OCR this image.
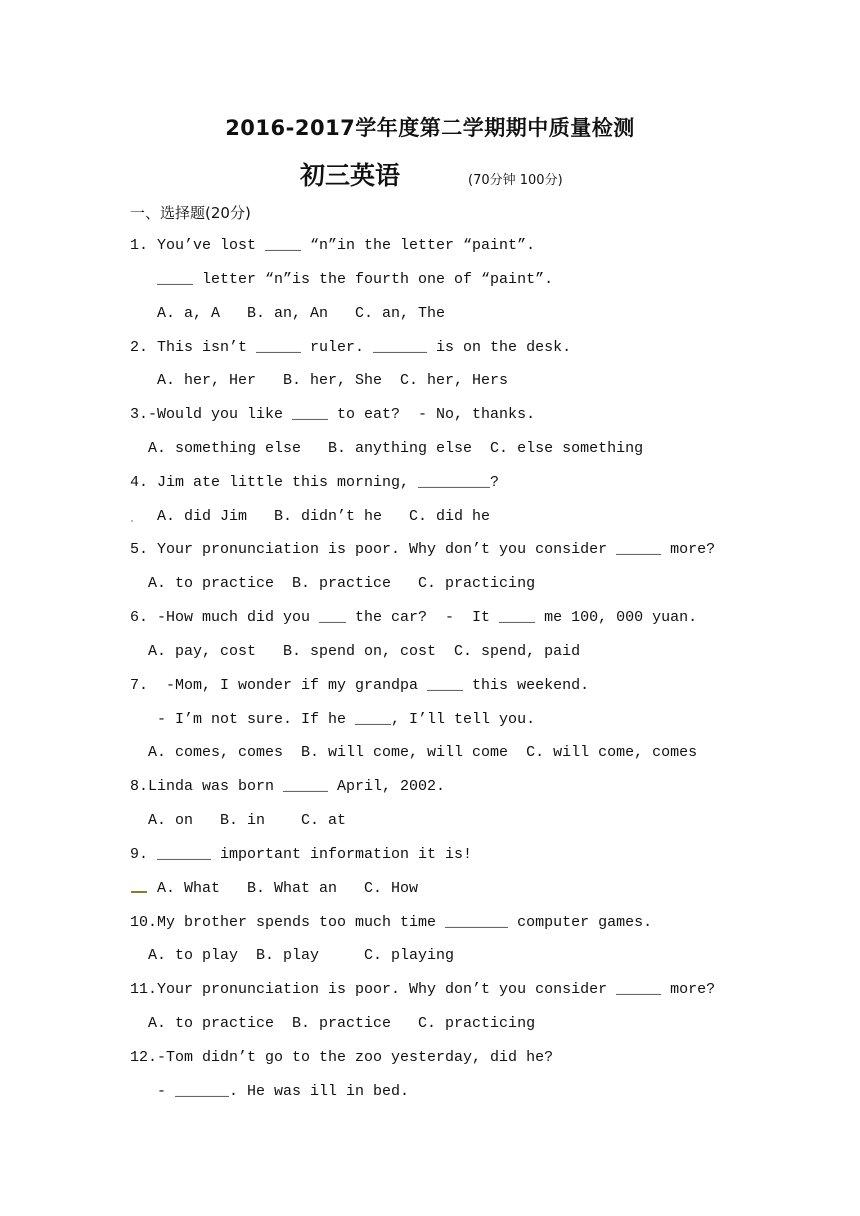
2016-2017学年度第二学期期中质量检测
初三英语	(70分钟 100分)
一、选择题(20分)
1. You’ve lost ____ “n”in the letter “paint”.
____ letter “n”is the fourth one of “paint”.
A. a, A   B. an, An   C. an, The
2. This isn’t _____ ruler. ______ is on the desk.
A. her, Her   B. her, She  C. her, Hers
3.-Would you like ____ to eat?  - No, thanks.
A. something else   B. anything else  C. else something
4. Jim ate little this morning, ________?
A. did Jim   B. didn’t he   C. did he
5. Your pronunciation is poor. Why don’t you consider _____ more?
A. to practice  B. practice   C. practicing
6. -How much did you ___ the car?  -  It ____ me 100, 000 yuan.
A. pay, cost   B. spend on, cost  C. spend, paid
7.  -Mom, I wonder if my grandpa ____ this weekend.
- I’m not sure. If he ____, I’ll tell you.
A. comes, comes  B. will come, will come  C. will come, comes
8.Linda was born _____ April, 2002.
A. on   B. in    C. at
9. ______ important information it is!
A. What   B. What an   C. How
10.My brother spends too much time _______ computer games.
A. to play  B. play     C. playing
11.Your pronunciation is poor. Why don’t you consider _____ more?
A. to practice  B. practice   C. practicing
12.-Tom didn’t go to the zoo yesterday, did he?
- ______. He was ill in bed.
